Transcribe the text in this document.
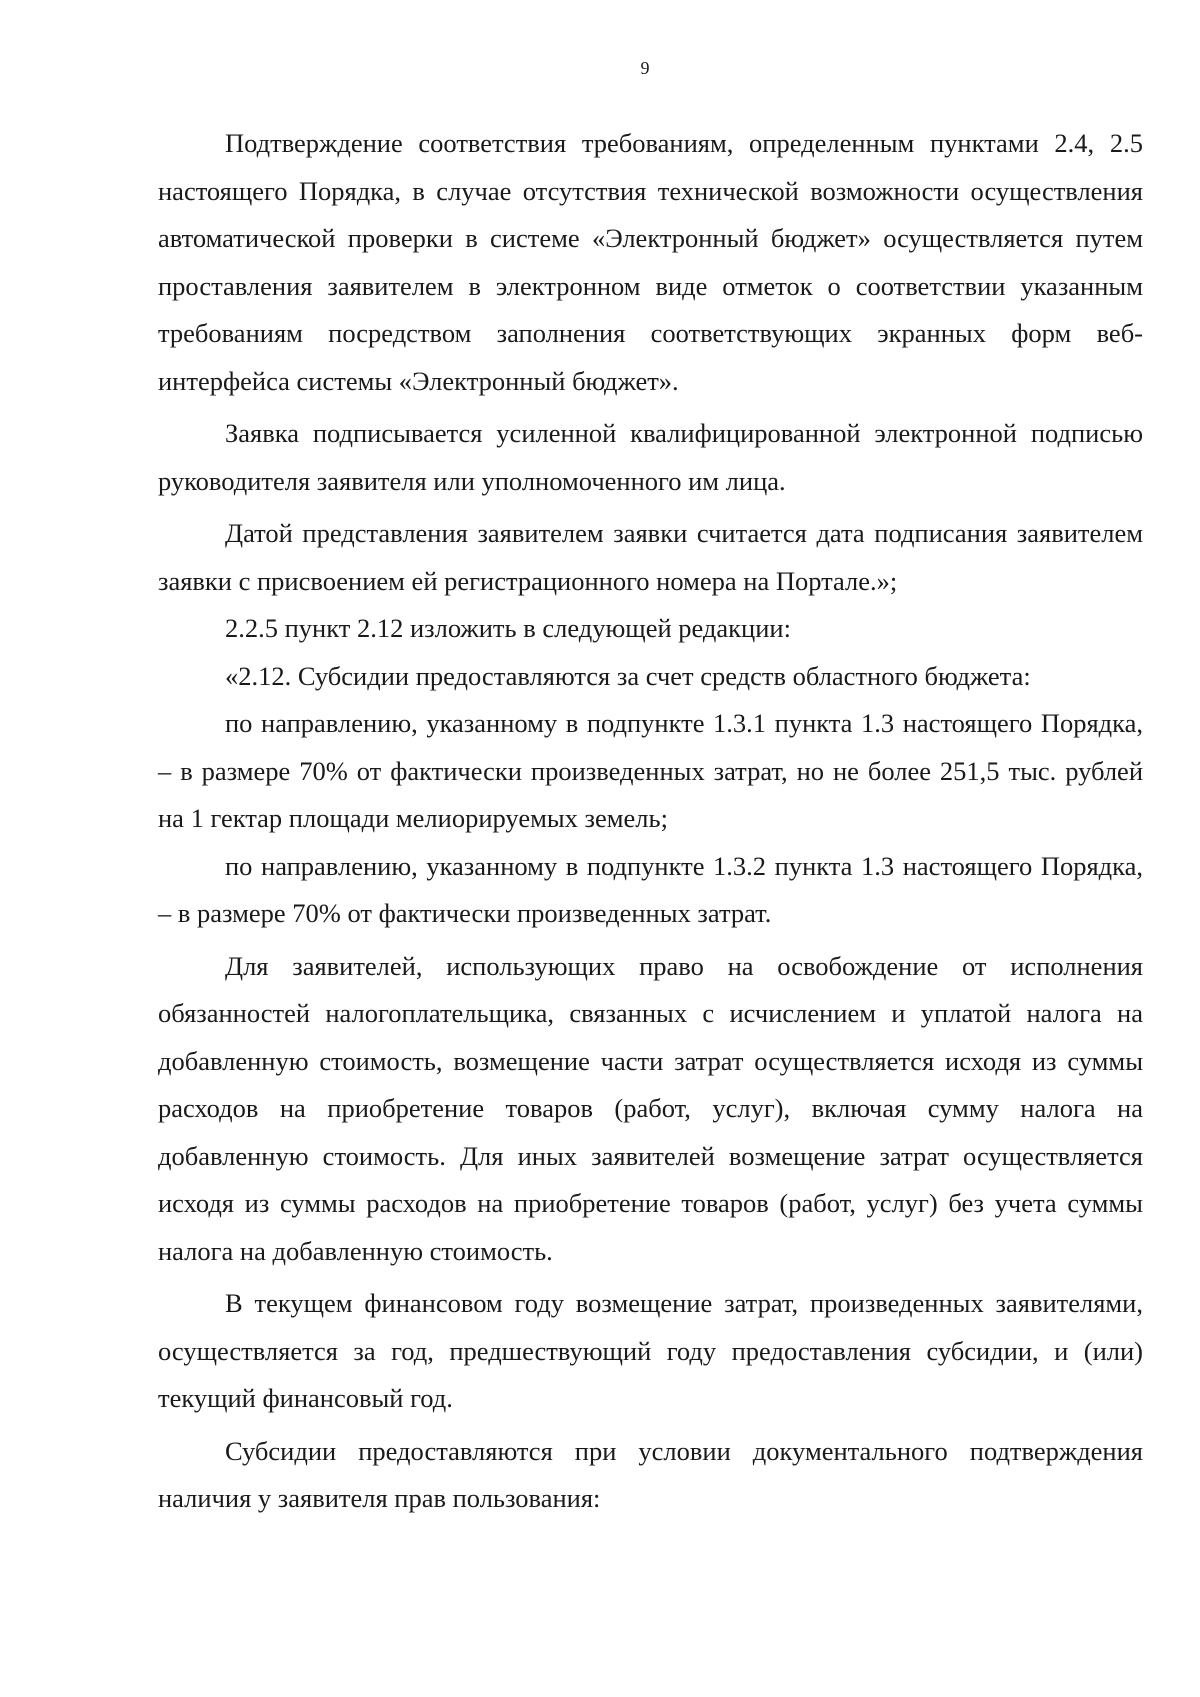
9

Подтверждение соответствия требованиям, определенным пунктами 2.4, 2.5 настоящего Порядка, в случае отсутствия технической возможности осуществления автоматической проверки в системе «Электронный бюджет» осуществляется путем проставления заявителем в электронном виде отметок о соответствии указанным требованиям посредством заполнения соответствующих экранных форм веб-интерфейса системы «Электронный бюджет».

Заявка подписывается усиленной квалифицированной электронной подписью руководителя заявителя или уполномоченного им лица.

Датой представления заявителем заявки считается дата подписания заявителем заявки с присвоением ей регистрационного номера на Портале.»;

2.2.5 пункт 2.12 изложить в следующей редакции:

«2.12. Субсидии предоставляются за счет средств областного бюджета:

по направлению, указанному в подпункте 1.3.1 пункта 1.3 настоящего Порядка, – в размере 70% от фактически произведенных затрат, но не более 251,5 тыс. рублей на 1 гектар площади мелиорируемых земель;

по направлению, указанному в подпункте 1.3.2 пункта 1.3 настоящего Порядка, – в размере 70% от фактически произведенных затрат.

Для заявителей, использующих право на освобождение от исполнения обязанностей налогоплательщика, связанных с исчислением и уплатой налога на добавленную стоимость, возмещение части затрат осуществляется исходя из суммы расходов на приобретение товаров (работ, услуг), включая сумму налога на добавленную стоимость. Для иных заявителей возмещение затрат осуществляется исходя из суммы расходов на приобретение товаров (работ, услуг) без учета суммы налога на добавленную стоимость.

В текущем финансовом году возмещение затрат, произведенных заявителями, осуществляется за год, предшествующий году предоставления субсидии, и (или) текущий финансовый год.

Субсидии предоставляются при условии документального подтверждения наличия у заявителя прав пользования:
